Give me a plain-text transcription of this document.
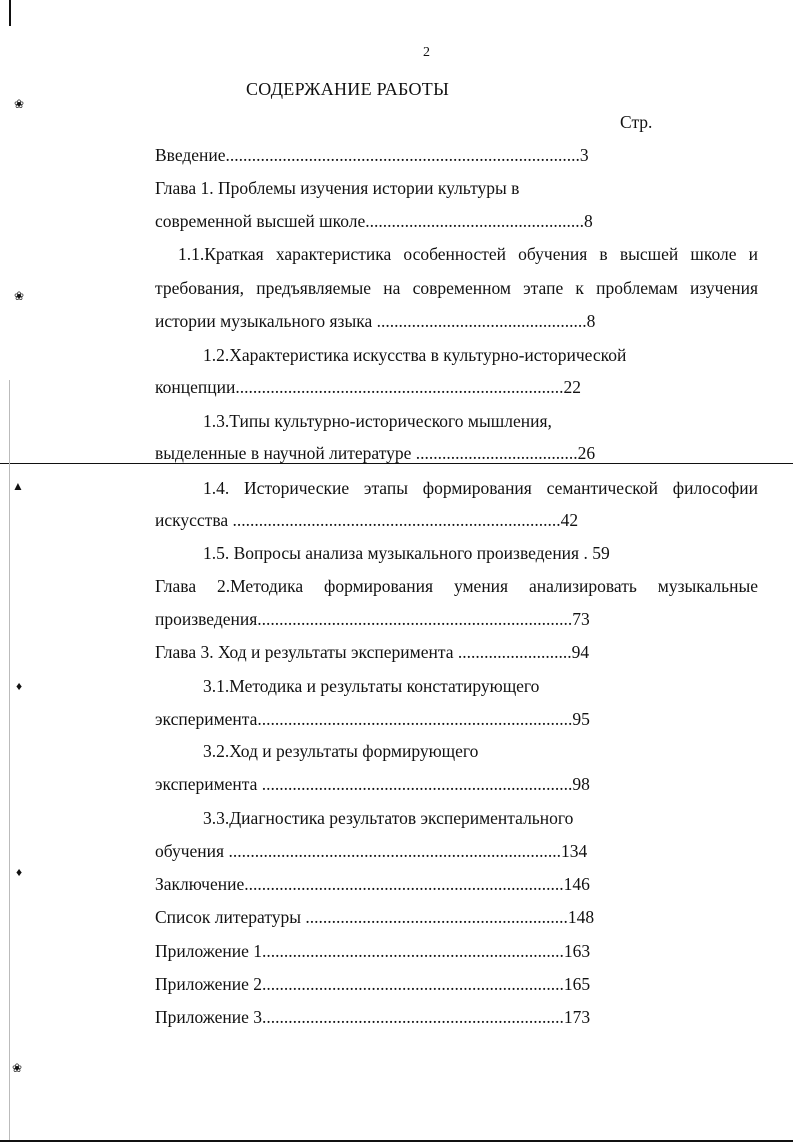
2
СОДЕРЖАНИЕ РАБОТЫ
Стр.
Введение.................................................................................3
Глава 1. Проблемы изучения истории культуры в
современной высшей школе..................................................8
1.1.Краткая характеристика особенностей обучения в высшей школе и
требования, предъявляемые на современном этапе к проблемам изучения
истории музыкального языка ................................................8
1.2.Характеристика искусства в культурно-исторической
концепции...........................................................................22
1.3.Типы культурно-исторического мышления,
выделенные в научной литературе .....................................26
1.4. Исторические этапы формирования семантической философии
искусства ...........................................................................42
1.5. Вопросы анализа музыкального произведения . 59
Глава 2.Методика формирования умения анализировать музыкальные
произведения........................................................................73
Глава 3. Ход и результаты эксперимента ..........................94
3.1.Методика и результаты констатирующего
эксперимента........................................................................95
3.2.Ход и результаты формирующего
эксперимента .......................................................................98
3.3.Диагностика результатов экспериментального
обучения ............................................................................134
Заключение.........................................................................146
Список литературы ............................................................148
Приложение 1.....................................................................163
Приложение 2.....................................................................165
Приложение 3.....................................................................173
❀
❀
▲
♦
♦
❀
